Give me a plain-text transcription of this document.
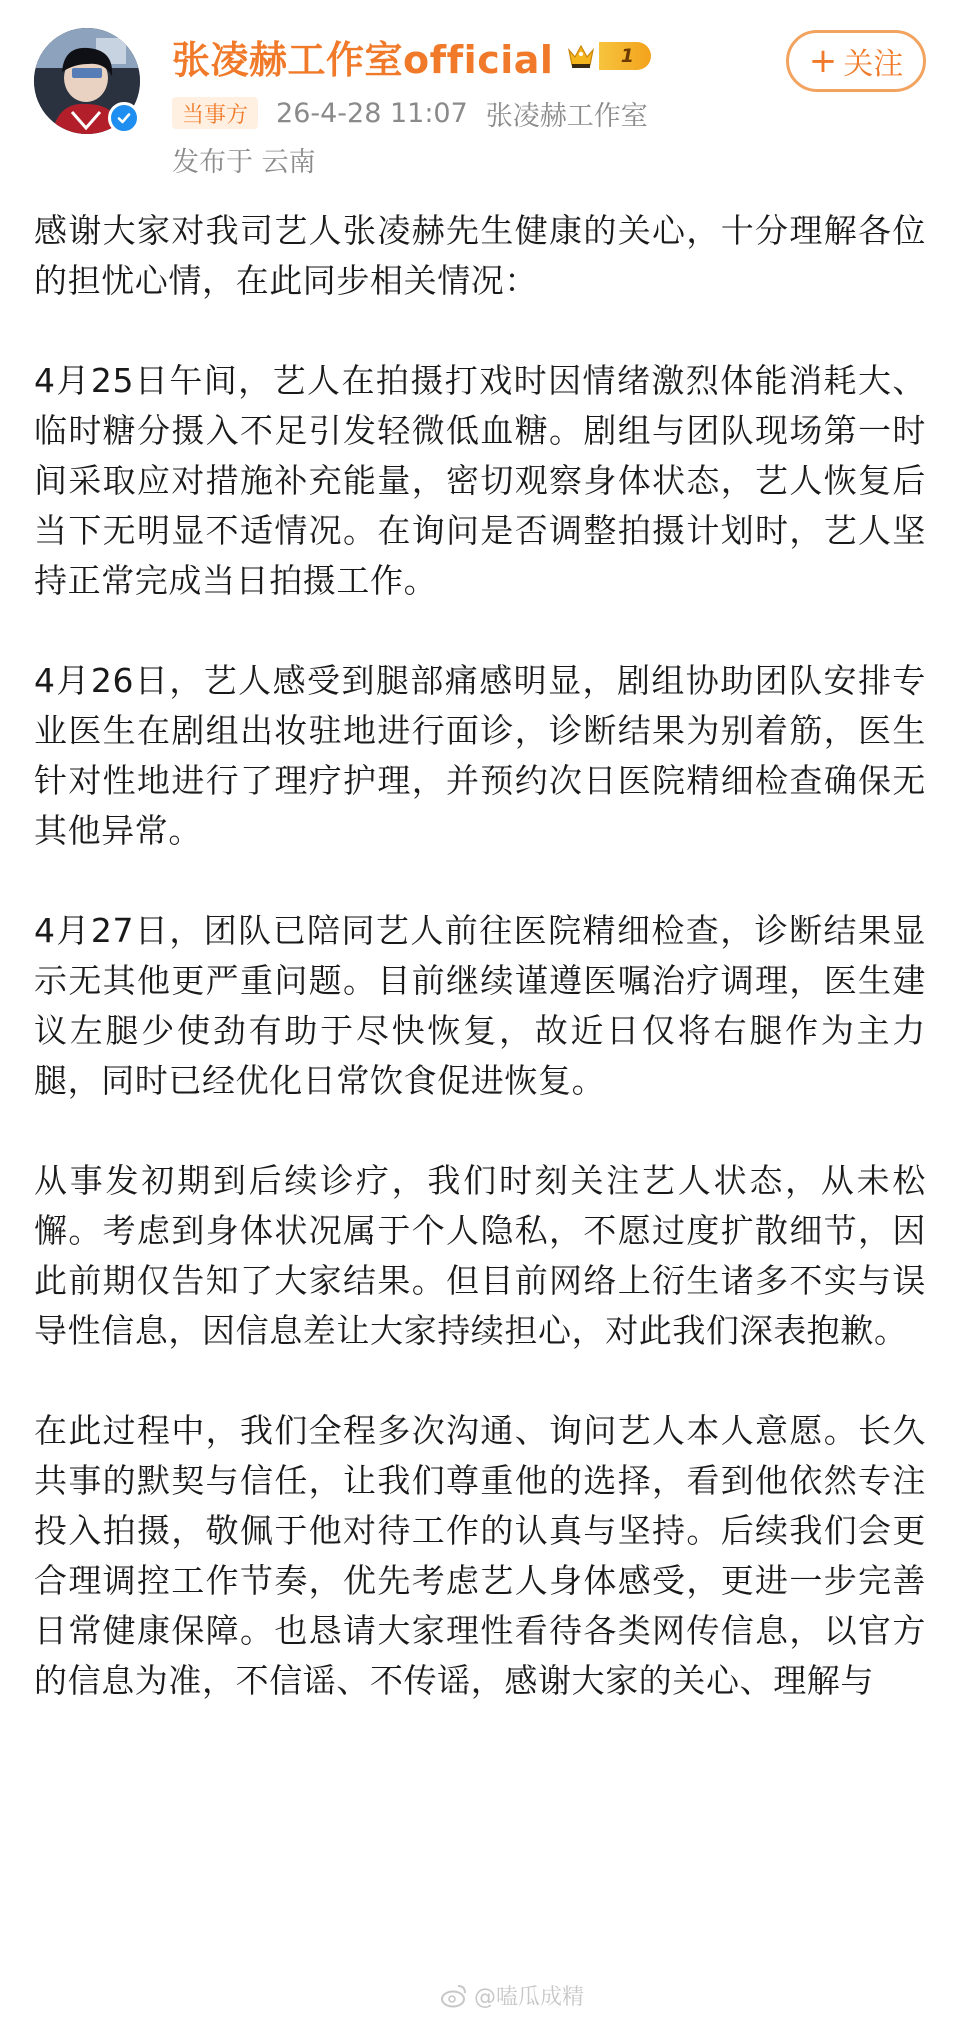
张凌赫工作室official	1	+ 关注
当事方	26-4-28 11:07 张凌赫工作室
发布于 云南

感谢大家对我司艺人张凌赫先生健康的关心，十分理解各位的担忧心情，在此同步相关情况：

4月25日午间，艺人在拍摄打戏时因情绪激烈体能消耗大、临时糖分摄入不足引发轻微低血糖。剧组与团队现场第一时间采取应对措施补充能量，密切观察身体状态，艺人恢复后当下无明显不适情况。在询问是否调整拍摄计划时，艺人坚持正常完成当日拍摄工作。

4月26日，艺人感受到腿部痛感明显，剧组协助团队安排专业医生在剧组出妆驻地进行面诊，诊断结果为别着筋，医生针对性地进行了理疗护理，并预约次日医院精细检查确保无其他异常。

4月27日，团队已陪同艺人前往医院精细检查，诊断结果显示无其他更严重问题。目前继续谨遵医嘱治疗调理，医生建议左腿少使劲有助于尽快恢复，故近日仅将右腿作为主力腿，同时已经优化日常饮食促进恢复。

从事发初期到后续诊疗，我们时刻关注艺人状态，从未松懈。考虑到身体状况属于个人隐私，不愿过度扩散细节，因此前期仅告知了大家结果。但目前网络上衍生诸多不实与误导性信息，因信息差让大家持续担心，对此我们深表抱歉。

在此过程中，我们全程多次沟通、询问艺人本人意愿。长久共事的默契与信任，让我们尊重他的选择，看到他依然专注投入拍摄，敬佩于他对待工作的认真与坚持。后续我们会更合理调控工作节奏，优先考虑艺人身体感受，更进一步完善日常健康保障。也恳请大家理性看待各类网传信息，以官方的信息为准，不信谣、不传谣，感谢大家的关心、理解与

@嗑瓜成精
